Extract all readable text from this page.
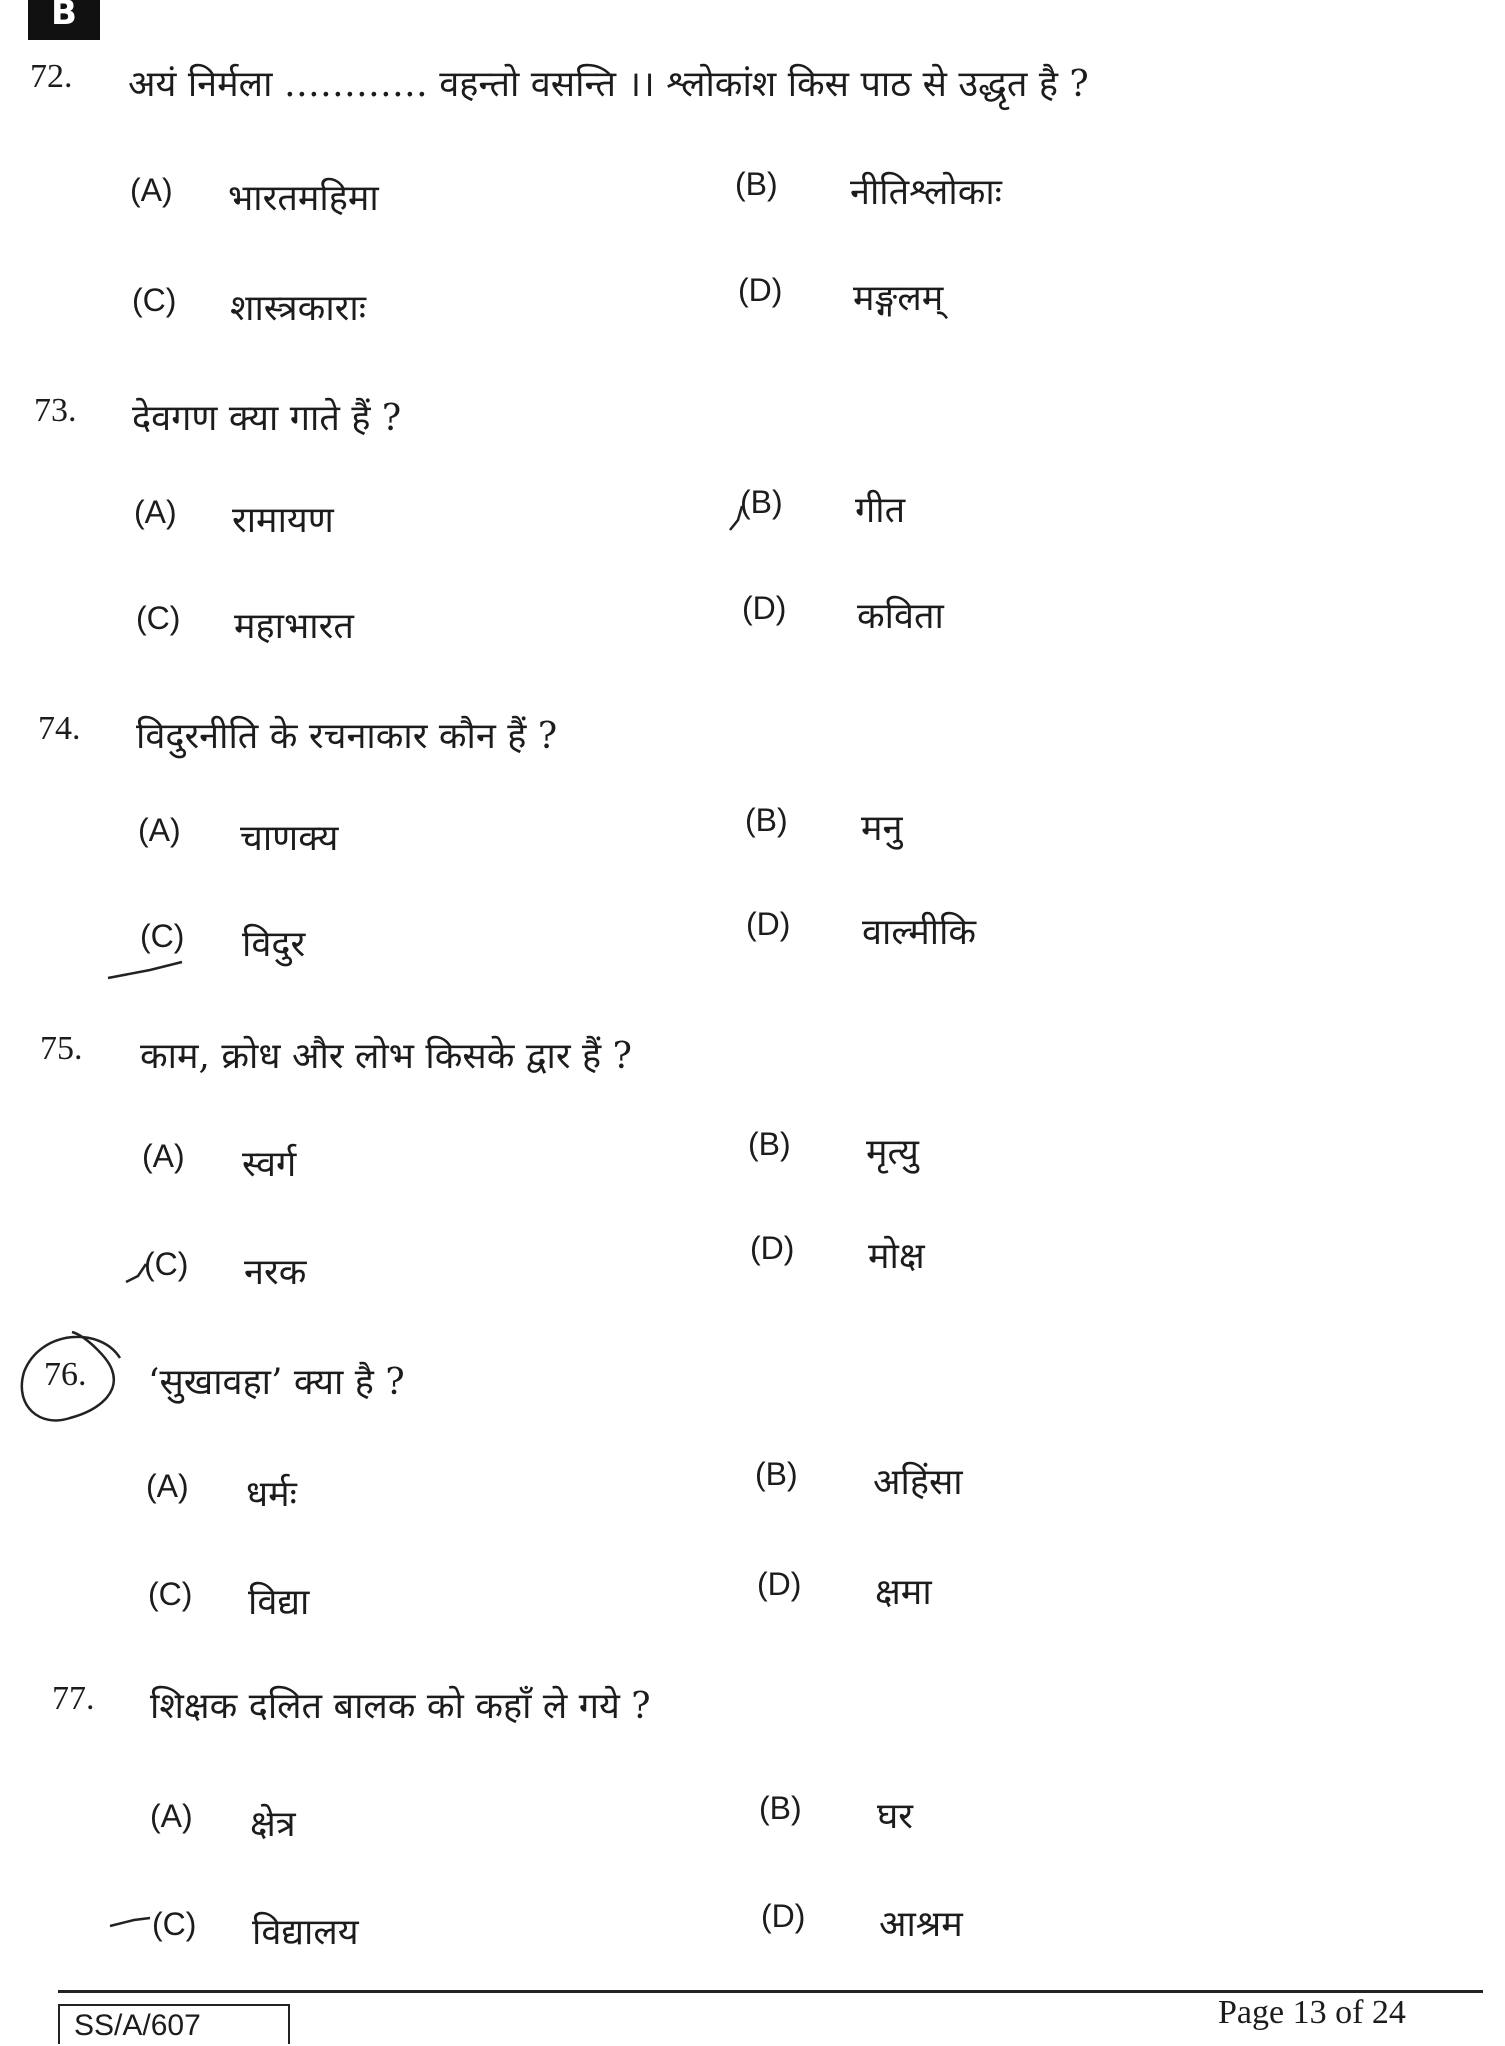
B
72. अयं निर्मला ………… वहन्तो वसन्ति ।। श्लोकांश किस पाठ से उद्धृत है ?
(A) भारतमहिमा	(B) नीतिश्लोकाः
(C) शास्त्रकाराः	(D) मङ्गलम्
73. देवगण क्या गाते हैं ?
(A) रामायण	(B) गीत
(C) महाभारत	(D) कविता
74. विदुरनीति के रचनाकार कौन हैं ?
(A) चाणक्य	(B) मनु
(C) विदुर	(D) वाल्मीकि
75. काम, क्रोध और लोभ किसके द्वार हैं ?
(A) स्वर्ग	(B) मृत्यु
(C) नरक
(D) मोक्ष
76. ‘सुखावहा’ क्या है ?
(A) धर्मः	(B) अहिंसा
(C) विद्या	(D) क्षमा
77. शिक्षक दलित बालक को कहाँ ले गये ?
(A) क्षेत्र	(B) घर
(C) विद्यालय	(D) आश्रम
SS/A/607	Page 13 of 24
